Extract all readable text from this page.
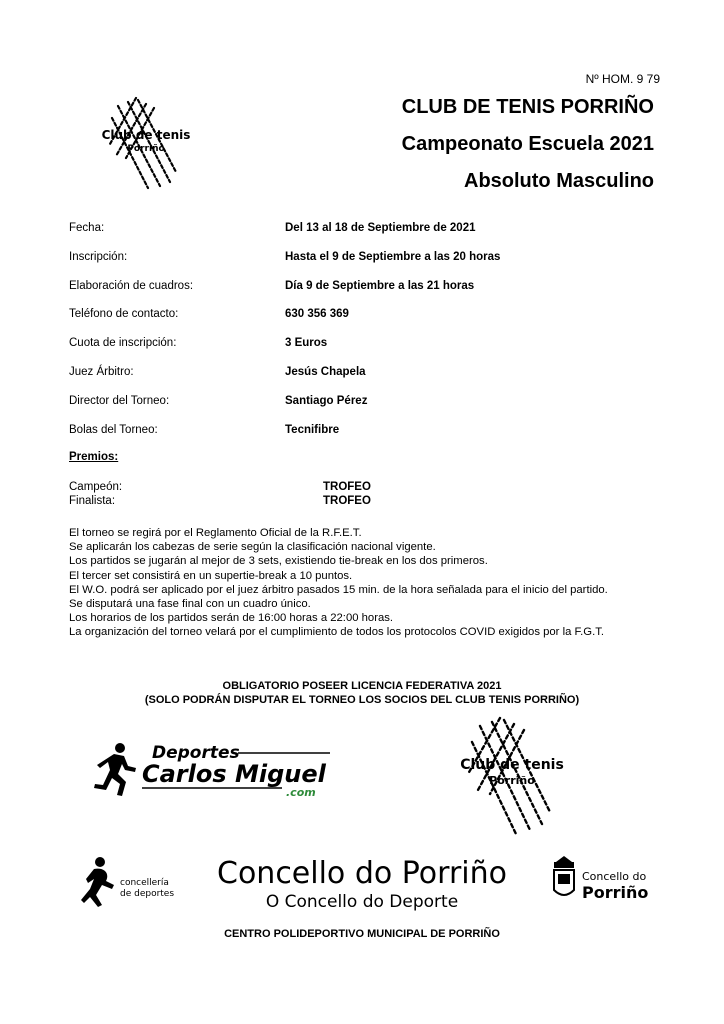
Nº HOM. 9 79
CLUB DE TENIS PORRIÑO
Campeonato Escuela 2021
Absoluto Masculino
Club de tenis
Porriño
Fecha:	Del 13 al 18 de Septiembre de 2021
Inscripción:	Hasta el 9 de Septiembre a las 20 horas
Elaboración de cuadros:	Día 9 de Septiembre a las 21 horas
Teléfono de contacto:	630 356 369
Cuota de inscripción:	3 Euros
Juez Árbitro:	Jesús Chapela
Director del Torneo:	Santiago Pérez
Bolas del Torneo:	Tecnifibre
Premios:
Campeón:	TROFEO
Finalista:	TROFEO
El torneo se regirá por el Reglamento Oficial de la R.F.E.T.
Se aplicarán los cabezas de serie según la clasificación nacional vigente.
Los partidos se jugarán al mejor de 3 sets, existiendo tie-break en los dos primeros.
El tercer set consistirá en un supertie-break a 10 puntos.
El W.O. podrá ser aplicado por el juez árbitro pasados 15 min. de la hora señalada para el inicio del partido.
Se disputará una fase final con un cuadro único.
Los horarios de los partidos serán de 16:00 horas a 22:00 horas.
La organización del torneo velará por el cumplimiento de todos los protocolos COVID exigidos por la F.G.T.
OBLIGATORIO POSEER LICENCIA FEDERATIVA 2021
(SOLO PODRÁN DISPUTAR EL TORNEO LOS SOCIOS DEL CLUB TENIS PORRIÑO)
Deportes
Carlos Miguel
.com
Club de tenis
Porriño
concellería
de deportes
Concello do Porriño
O Concello do Deporte
Concello do
Porriño
CENTRO POLIDEPORTIVO MUNICIPAL DE PORRIÑO
